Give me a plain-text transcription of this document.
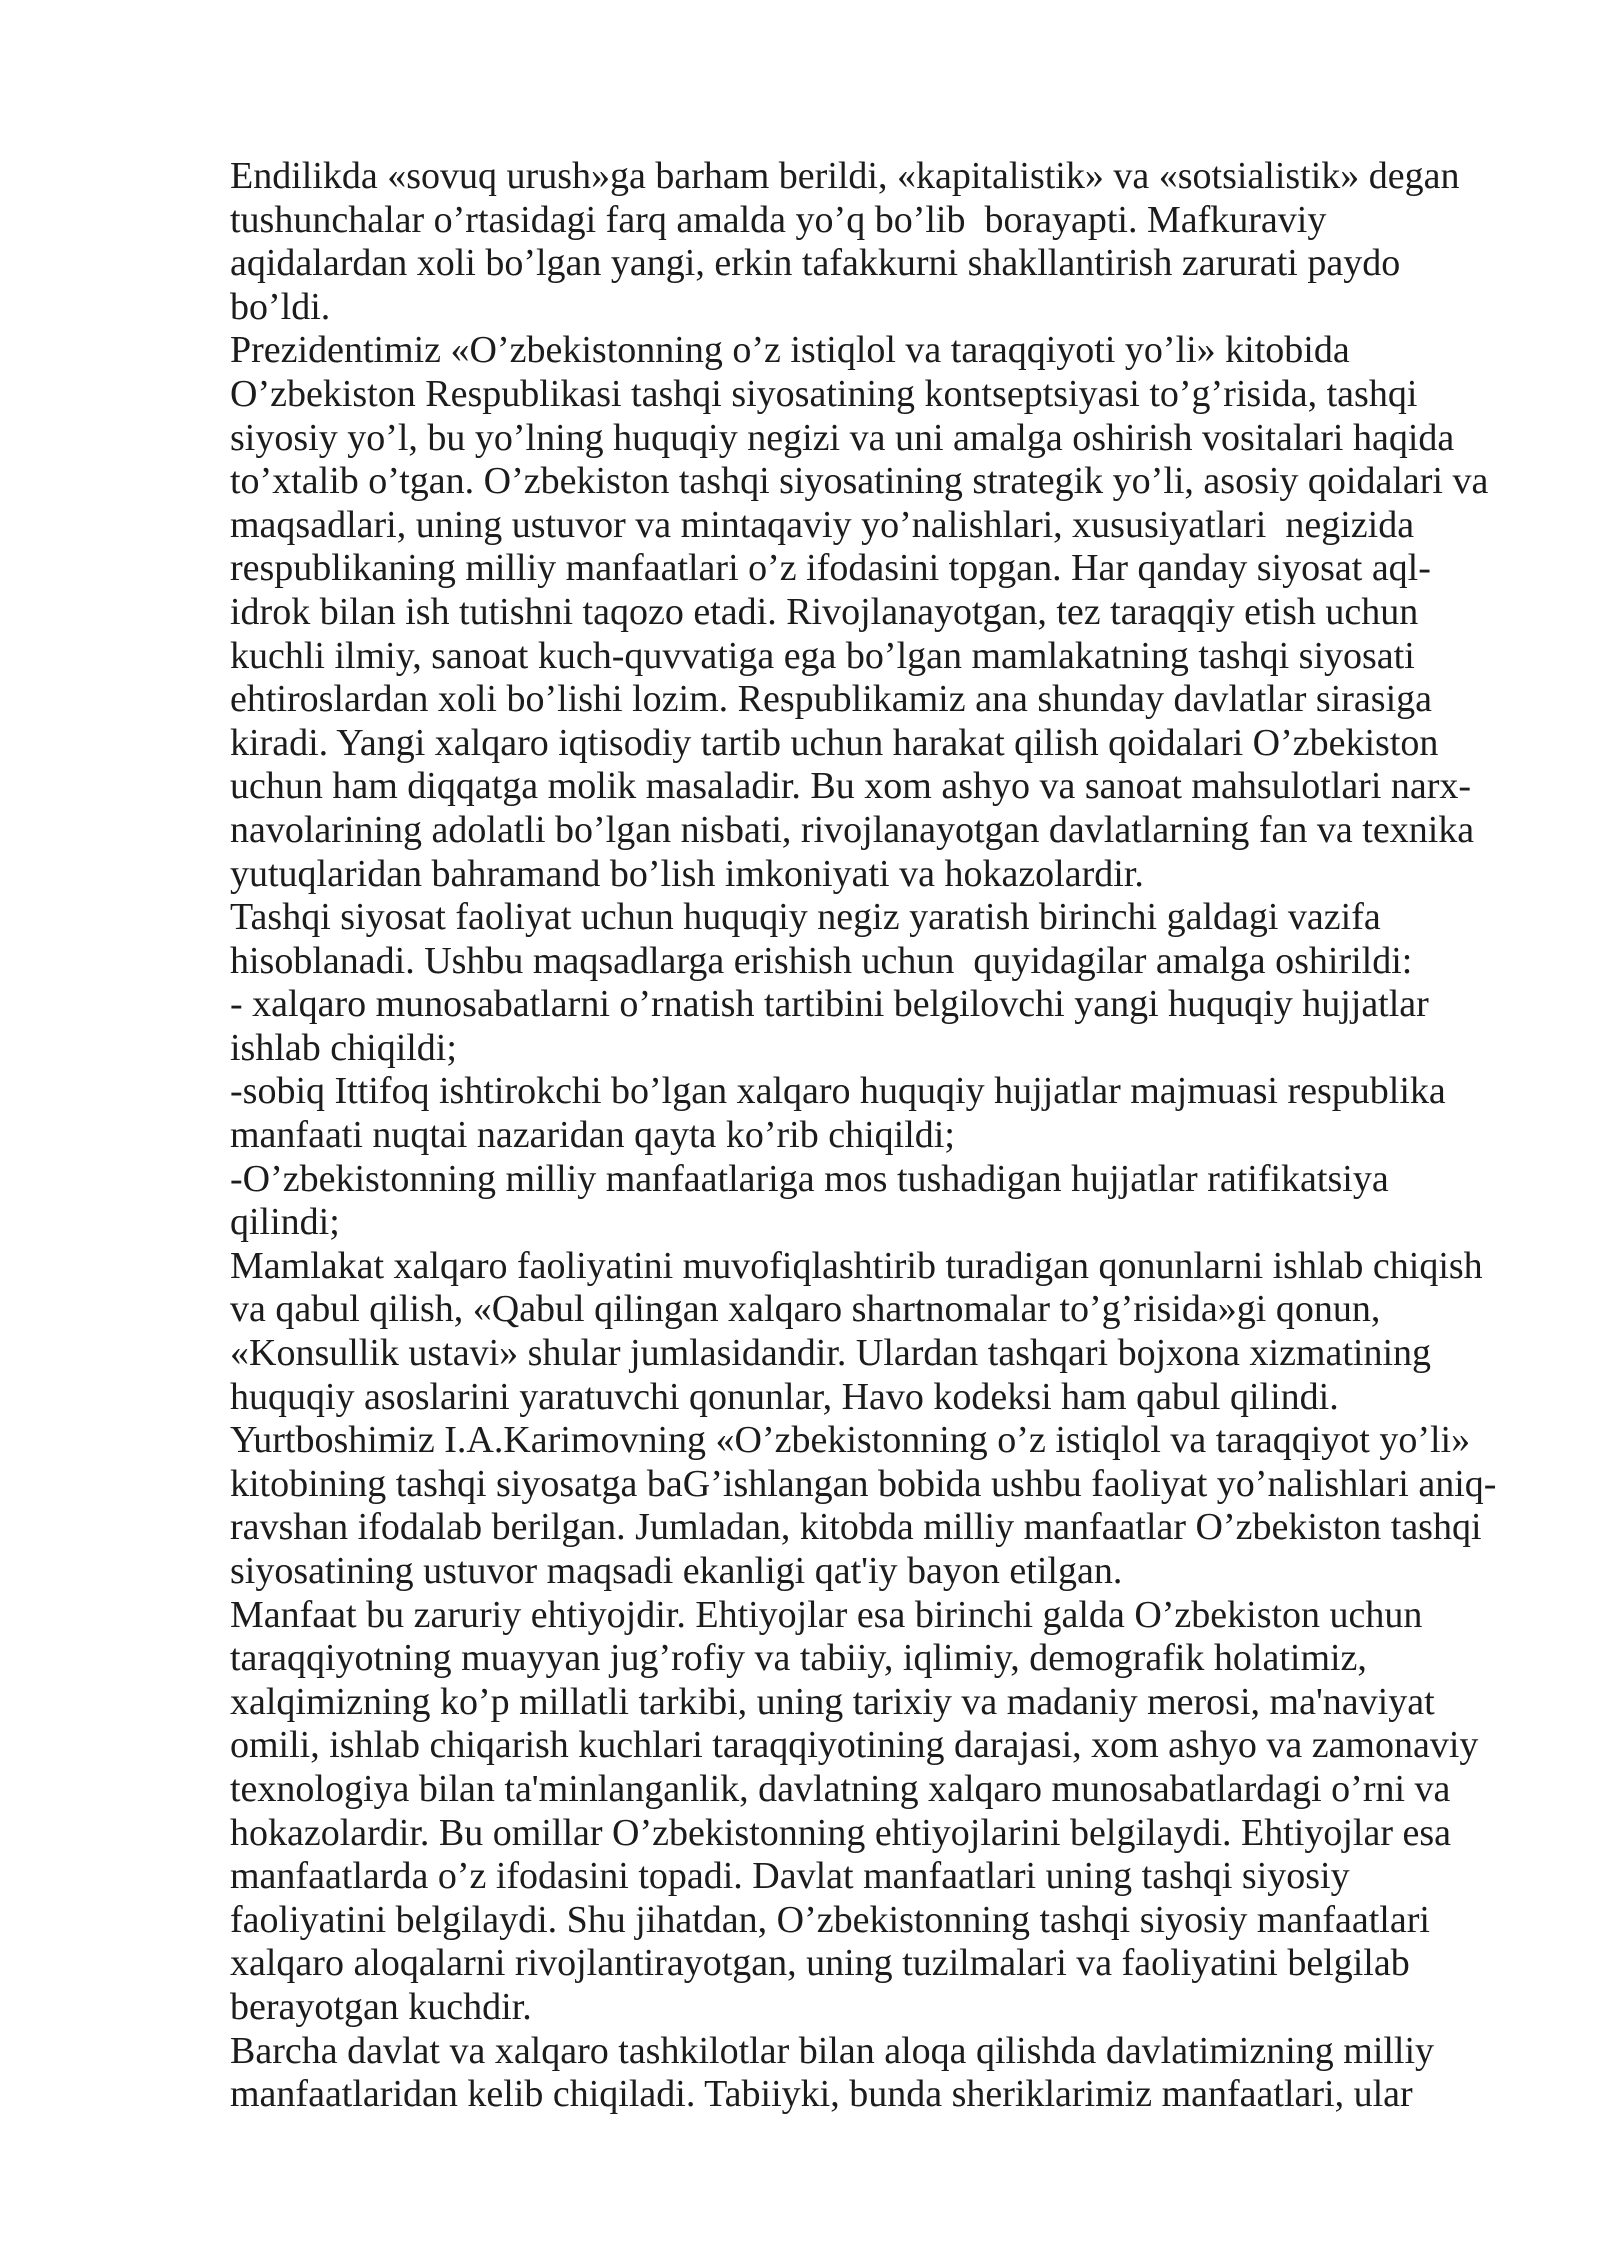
Endilikda «sovuq urush»ga barham berildi, «kapitalistik» va «sotsialistik» degan
tushunchalar o’rtasidagi farq amalda yo’q bo’lib  borayapti. Mafkuraviy
aqidalardan xoli bo’lgan yangi, erkin tafakkurni shakllantirish zarurati paydo
bo’ldi.
Prezidentimiz «O’zbekistonning o’z istiqlol va taraqqiyoti yo’li» kitobida
O’zbekiston Respublikasi tashqi siyosatining kontseptsiyasi to’g’risida, tashqi
siyosiy yo’l, bu yo’lning huquqiy negizi va uni amalga oshirish vositalari haqida
to’xtalib o’tgan. O’zbekiston tashqi siyosatining strategik yo’li, asosiy qoidalari va
maqsadlari, uning ustuvor va mintaqaviy yo’nalishlari, xususiyatlari  negizida
respublikaning milliy manfaatlari o’z ifodasini topgan. Har qanday siyosat aql-
idrok bilan ish tutishni taqozo etadi. Rivojlanayotgan, tez taraqqiy etish uchun
kuchli ilmiy, sanoat kuch-quvvatiga ega bo’lgan mamlakatning tashqi siyosati
ehtiroslardan xoli bo’lishi lozim. Respublikamiz ana shunday davlatlar sirasiga
kiradi. Yangi xalqaro iqtisodiy tartib uchun harakat qilish qoidalari O’zbekiston
uchun ham diqqatga molik masaladir. Bu xom ashyo va sanoat mahsulotlari narx-
navolarining adolatli bo’lgan nisbati, rivojlanayotgan davlatlarning fan va texnika
yutuqlaridan bahramand bo’lish imkoniyati va hokazolardir.
Tashqi siyosat faoliyat uchun huquqiy negiz yaratish birinchi galdagi vazifa
hisoblanadi. Ushbu maqsadlarga erishish uchun  quyidagilar amalga oshirildi:
- xalqaro munosabatlarni o’rnatish tartibini belgilovchi yangi huquqiy hujjatlar
ishlab chiqildi;
-sobiq Ittifoq ishtirokchi bo’lgan xalqaro huquqiy hujjatlar majmuasi respublika
manfaati nuqtai nazaridan qayta ko’rib chiqildi;
-O’zbekistonning milliy manfaatlariga mos tushadigan hujjatlar ratifikatsiya
qilindi;
Mamlakat xalqaro faoliyatini muvofiqlashtirib turadigan qonunlarni ishlab chiqish
va qabul qilish, «Qabul qilingan xalqaro shartnomalar to’g’risida»gi qonun,
«Konsullik ustavi» shular jumlasidandir. Ulardan tashqari bojxona xizmatining
huquqiy asoslarini yaratuvchi qonunlar, Havo kodeksi ham qabul qilindi.
Yurtboshimiz I.A.Karimovning «O’zbekistonning o’z istiqlol va taraqqiyot yo’li»
kitobining tashqi siyosatga baG’ishlangan bobida ushbu faoliyat yo’nalishlari aniq-
ravshan ifodalab berilgan. Jumladan, kitobda milliy manfaatlar O’zbekiston tashqi
siyosatining ustuvor maqsadi ekanligi qat'iy bayon etilgan.
Manfaat bu zaruriy ehtiyojdir. Ehtiyojlar esa birinchi galda O’zbekiston uchun
taraqqiyotning muayyan jug’rofiy va tabiiy, iqlimiy, demografik holatimiz,
xalqimizning ko’p millatli tarkibi, uning tarixiy va madaniy merosi, ma'naviyat
omili, ishlab chiqarish kuchlari taraqqiyotining darajasi, xom ashyo va zamonaviy
texnologiya bilan ta'minlanganlik, davlatning xalqaro munosabatlardagi o’rni va
hokazolardir. Bu omillar O’zbekistonning ehtiyojlarini belgilaydi. Ehtiyojlar esa
manfaatlarda o’z ifodasini topadi. Davlat manfaatlari uning tashqi siyosiy
faoliyatini belgilaydi. Shu jihatdan, O’zbekistonning tashqi siyosiy manfaatlari
xalqaro aloqalarni rivojlantirayotgan, uning tuzilmalari va faoliyatini belgilab
berayotgan kuchdir.
Barcha davlat va xalqaro tashkilotlar bilan aloqa qilishda davlatimizning milliy
manfaatlaridan kelib chiqiladi. Tabiiyki, bunda sheriklarimiz manfaatlari, ular
